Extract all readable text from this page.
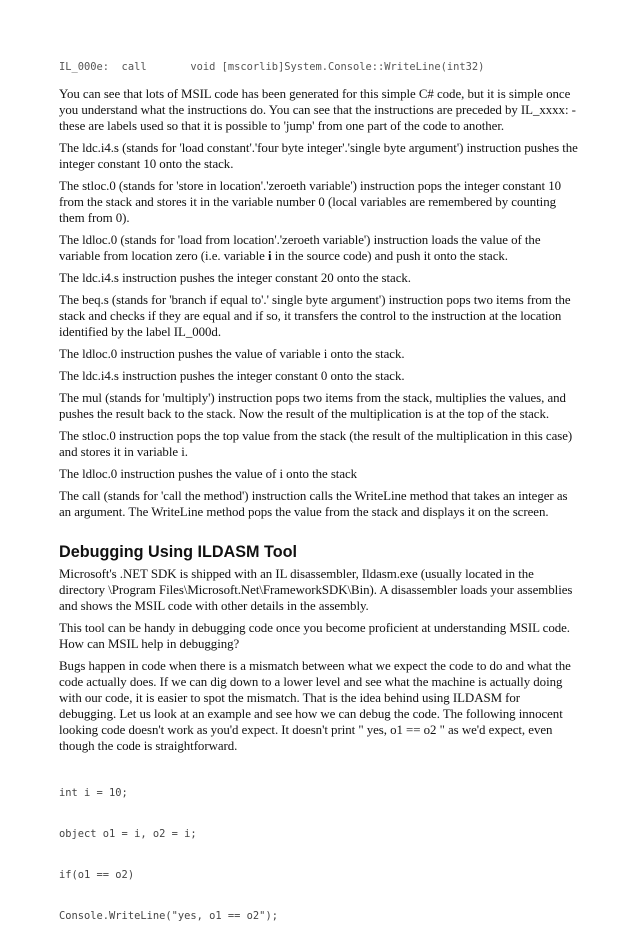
IL_000e:  call       void [mscorlib]System.Console::WriteLine(int32)

You can see that lots of MSIL code has been generated for this simple C# code, but it is simple once you understand what the instructions do. You can see that the instructions are preceded by IL_xxxx: - these are labels used so that it is possible to 'jump' from one part of the code to another.

The ldc.i4.s (stands for 'load constant'.'four byte integer'.'single byte argument') instruction pushes the integer constant 10 onto the stack.

The stloc.0 (stands for 'store in location'.'zeroeth variable') instruction pops the integer constant 10 from the stack and stores it in the variable number 0 (local variables are remembered by counting them from 0).

The ldloc.0 (stands for 'load from location'.'zeroeth variable') instruction loads the value of the variable from location zero (i.e. variable i in the source code) and push it onto the stack.

The ldc.i4.s instruction pushes the integer constant 20 onto the stack.

The beq.s (stands for 'branch if equal to'.' single byte argument') instruction pops two items from the stack and checks if they are equal and if so, it transfers the control to the instruction at the location identified by the label IL_000d.

The ldloc.0 instruction pushes the value of variable i onto the stack.

The ldc.i4.s instruction pushes the integer constant 0 onto the stack.

The mul (stands for 'multiply') instruction pops two items from the stack, multiplies the values, and pushes the result back to the stack. Now the result of the multiplication is at the top of the stack.

The stloc.0 instruction pops the top value from the stack (the result of the multiplication in this case) and stores it in variable i.

The ldloc.0 instruction pushes the value of i onto the stack

The call (stands for 'call the method') instruction calls the WriteLine method that takes an integer as an argument. The WriteLine method pops the value from the stack and displays it on the screen.

Debugging Using ILDASM Tool

Microsoft's .NET SDK is shipped with an IL disassembler, Ildasm.exe (usually located in the directory \Program Files\Microsoft.Net\FrameworkSDK\Bin). A disassembler loads your assemblies and shows the MSIL code with other details in the assembly.

This tool can be handy in debugging code once you become proficient at understanding MSIL code. How can MSIL help in debugging?

Bugs happen in code when there is a mismatch between what we expect the code to do and what the code actually does. If we can dig down to a lower level and see what the machine is actually doing with our code, it is easier to spot the mismatch. That is the idea behind using ILDASM for debugging. Let us look at an example and see how we can debug the code. The following innocent looking code doesn't work as you'd expect. It doesn't print " yes, o1 == o2 " as we'd expect, even though the code is straightforward.

int i = 10;

object o1 = i, o2 = i;

if(o1 == o2)

Console.WriteLine("yes, o1 == o2");
